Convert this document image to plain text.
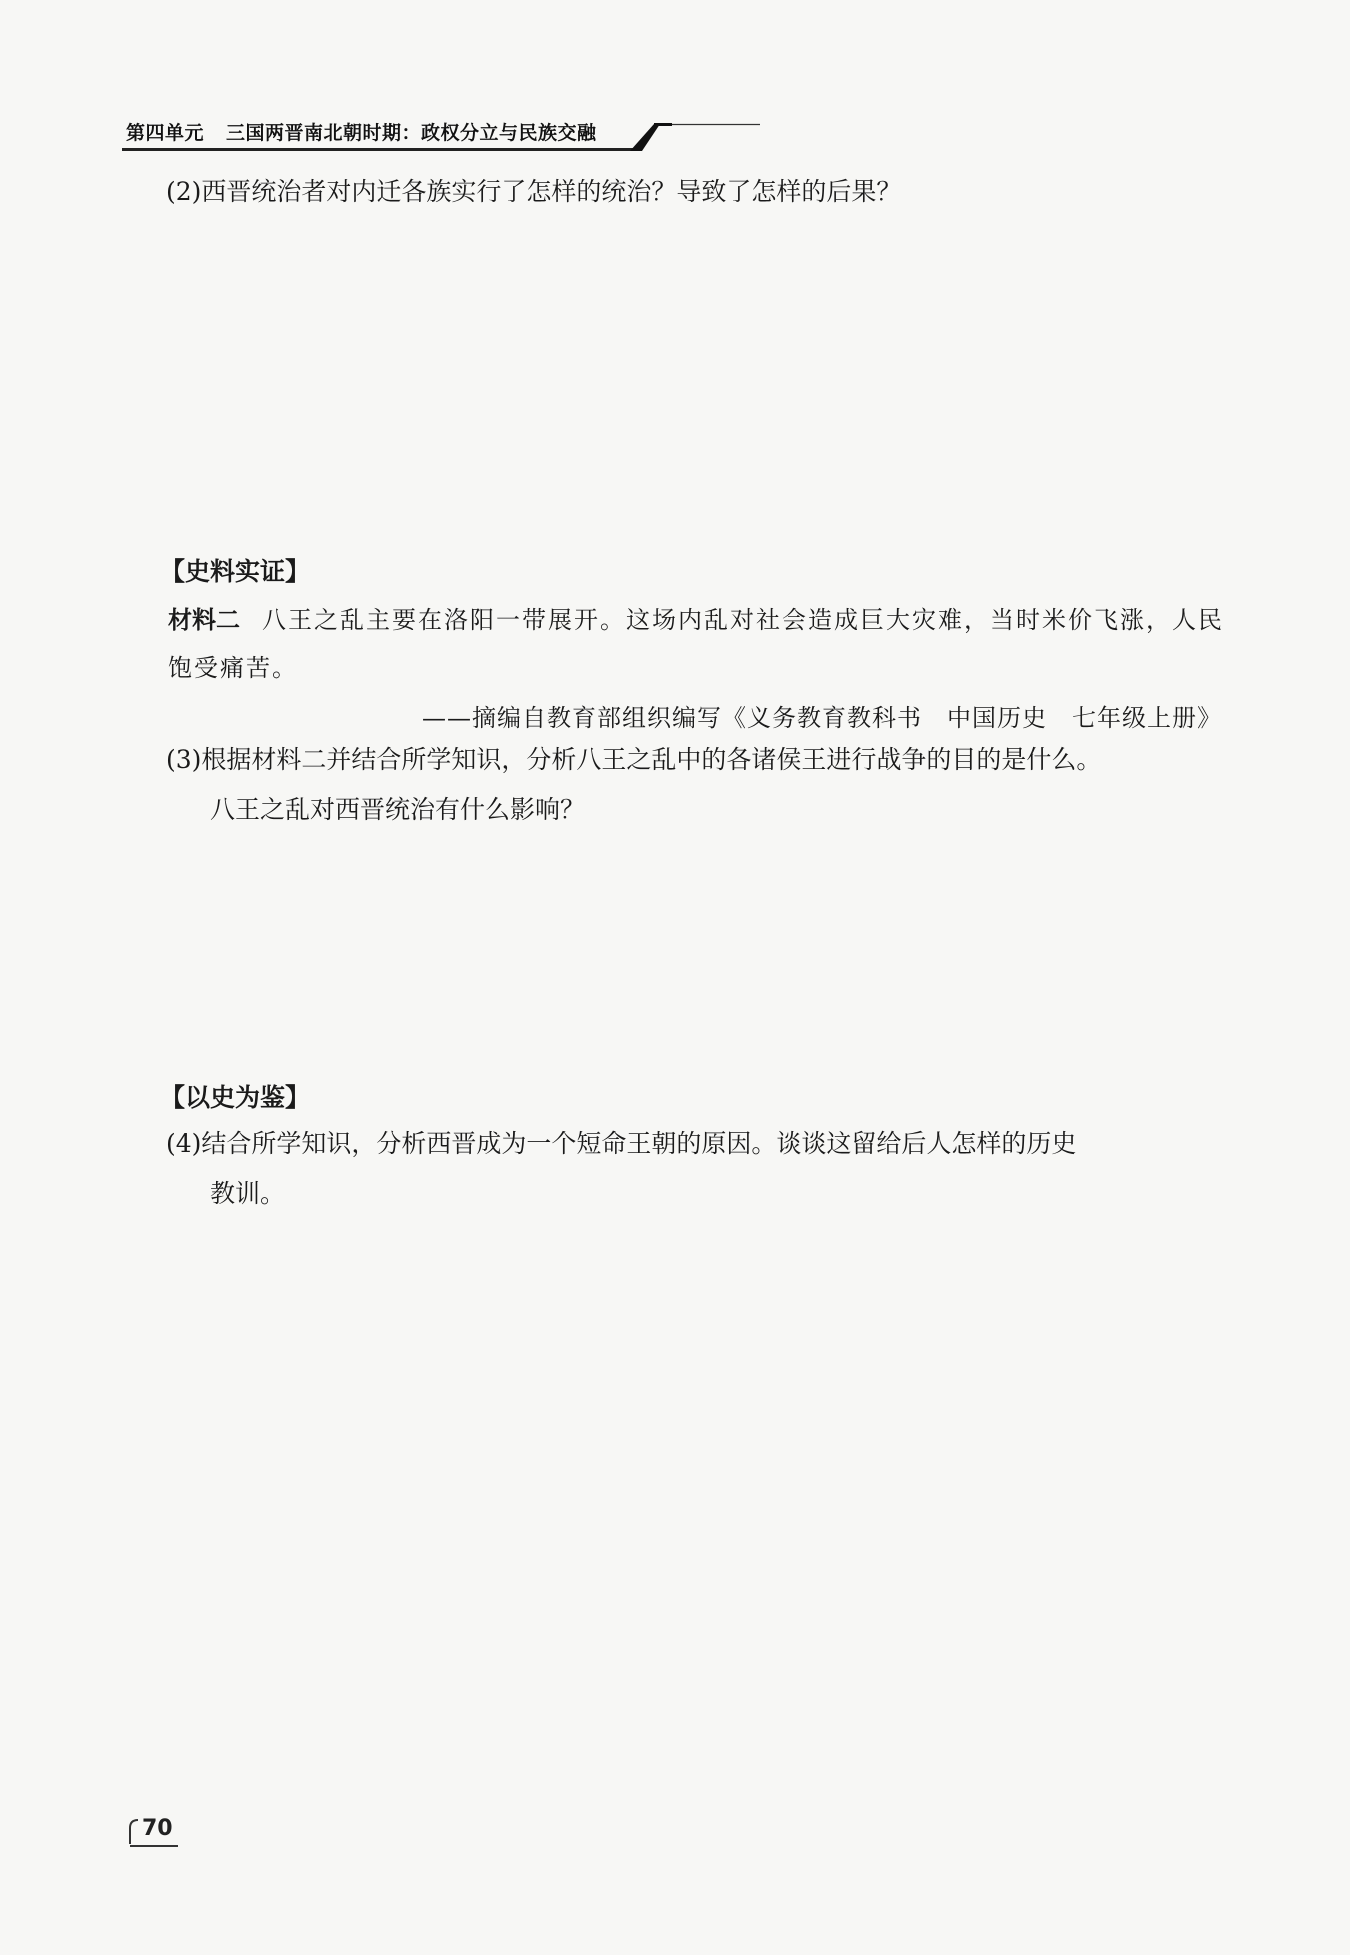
第四单元 三国两晋南北朝时期：政权分立与民族交融
(2)西晋统治者对内迁各族实行了怎样的统治？导致了怎样的后果？
【史料实证】
材料二 八王之乱主要在洛阳一带展开。这场内乱对社会造成巨大灾难，当时米价飞涨，人民饱受痛苦。
——摘编自教育部组织编写《义务教育教科书　中国历史　七年级上册》
(3)根据材料二并结合所学知识，分析八王之乱中的各诸侯王进行战争的目的是什么。
八王之乱对西晋统治有什么影响？
【以史为鉴】
(4)结合所学知识，分析西晋成为一个短命王朝的原因。谈谈这留给后人怎样的历史
教训。
70
